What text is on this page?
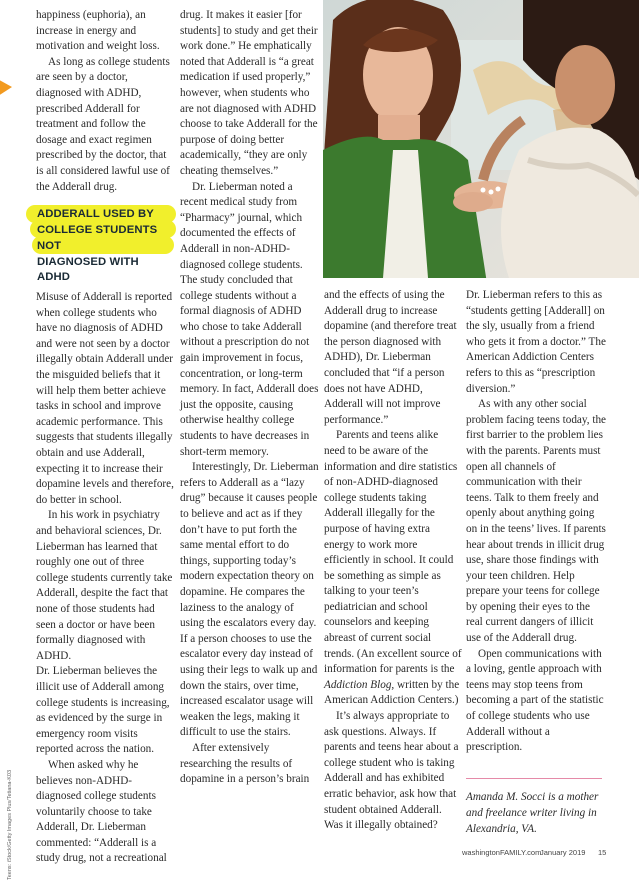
happiness (euphoria), an increase in energy and motivation and weight loss.

As long as college students are seen by a doctor, diagnosed with ADHD, prescribed Adderall for treatment and follow the dosage and exact regimen prescribed by the doctor, that is all considered lawful use of the Adderall drug.

ADDERALL USED BY
COLLEGE STUDENTS NOT
DIAGNOSED WITH ADHD

Misuse of Adderall is reported when college students who have no diagnosis of ADHD and were not seen by a doctor illegally obtain Adderall under the misguided beliefs that it will help them better achieve tasks in school and improve academic performance. This suggests that students illegally obtain and use Adderall, expecting it to increase their dopamine levels and therefore, do better in school.

In his work in psychiatry and behavioral sciences, Dr. Lieberman has learned that roughly one out of three college students currently take Adderall, despite the fact that none of those students had seen a doctor or have been formally diagnosed with ADHD.

Dr. Lieberman believes the illicit use of Adderall among college students is increasing, as evidenced by the surge in emergency room visits reported across the nation.

When asked why he believes non-ADHD-diagnosed college students voluntarily choose to take Adderall, Dr. Lieberman commented: “Adderall is a study drug, not a recreational

drug. It makes it easier [for students] to study and get their work done.” He emphatically noted that Adderall is “a great medication if used properly,” however, when students who are not diagnosed with ADHD choose to take Adderall for the purpose of doing better academically, “they are only cheating themselves.”

Dr. Lieberman noted a recent medical study from “Pharmacy” journal, which documented the effects of Adderall in non-ADHD-diagnosed college students. The study concluded that college students without a formal diagnosis of ADHD who chose to take Adderall without a prescription do not gain improvement in focus, concentration, or long-term memory. In fact, Adderall does just the opposite, causing otherwise healthy college students to have decreases in short-term memory.

Interestingly, Dr. Lieberman refers to Adderall as a “lazy drug” because it causes people to believe and act as if they don’t have to put forth the same mental effort to do things, supporting today’s modern expectation theory on dopamine. He compares the laziness to the analogy of using the escalators every day. If a person chooses to use the escalator every day instead of using their legs to walk up and down the stairs, over time, increased escalator usage will weaken the legs, making it difficult to use the stairs.

After extensively researching the results of dopamine in a person’s brain

and the effects of using the Adderall drug to increase dopamine (and therefore treat the person diagnosed with ADHD), Dr. Lieberman concluded that “if a person does not have ADHD, Adderall will not improve performance.”

Parents and teens alike need to be aware of the information and dire statistics of non-ADHD-diagnosed college students taking Adderall illegally for the purpose of having extra energy to work more efficiently in school. It could be something as simple as talking to your teen’s pediatrician and school counselors and keeping abreast of current social trends. (An excellent source of information for parents is the Addiction Blog, written by the American Addiction Centers.)

It’s always appropriate to ask questions. Always. If parents and teens hear about a college student who is taking Adderall and has exhibited erratic behavior, ask how that student obtained Adderall. Was it illegally obtained?

Dr. Lieberman refers to this as “students getting [Adderall] on the sly, usually from a friend who gets it from a doctor.” The American Addiction Centers refers to this as “prescription diversion.”

As with any other social problem facing teens today, the first barrier to the problem lies with the parents. Parents must open all channels of communication with their teens. Talk to them freely and openly about anything going on in the teens’ lives. If parents hear about trends in illicit drug use, share those findings with your teen children. Help prepare your teens for college by opening their eyes to the real current dangers of illicit use of the Adderall drug.

Open communications with a loving, gentle approach with teens may stop teens from becoming a part of the statistic of college students who use Adderall without a prescription.

Amanda M. Socci is a mother and freelance writer living in Alexandria, VA.

Teens: iStock/Getty Images Plus/Tetiana-K03	washingtonFAMILY.com
January 2019 15
